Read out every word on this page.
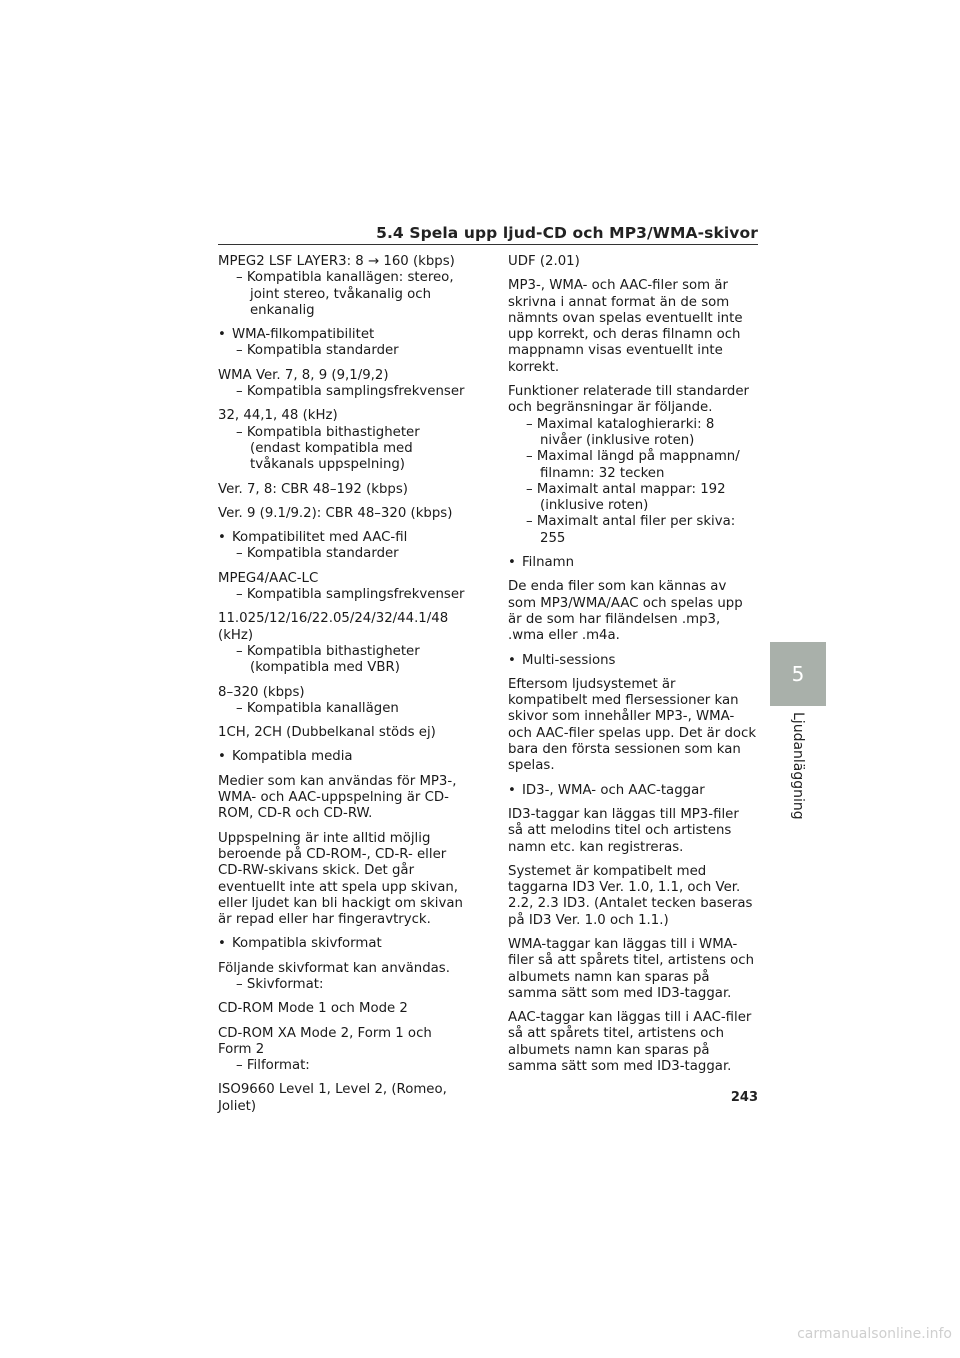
5.4 Spela upp ljud-CD och MP3/WMA-skivor
MPEG2 LSF LAYER3: 8 → 160 (kbps)
– Kompatibla kanallägen: stereo, joint stereo, tvåkanalig och enkanalig
• WMA-filkompatibilitet
– Kompatibla standarder
WMA Ver. 7, 8, 9 (9,1/9,2)
– Kompatibla samplingsfrekvenser
32, 44,1, 48 (kHz)
– Kompatibla bithastigheter (endast kompatibla med tvåkanals uppspelning)
Ver. 7, 8: CBR 48–192 (kbps)
Ver. 9 (9.1/9.2): CBR 48–320 (kbps)
• Kompatibilitet med AAC-fil
– Kompatibla standarder
MPEG4/AAC-LC
– Kompatibla samplingsfrekvenser
11.025/12/16/22.05/24/32/44.1/48 (kHz)
– Kompatibla bithastigheter (kompatibla med VBR)
8–320 (kbps)
– Kompatibla kanallägen
1CH, 2CH (Dubbelkanal stöds ej)
• Kompatibla media
Medier som kan användas för MP3-, WMA- och AAC-uppspelning är CD-ROM, CD-R och CD-RW.
Uppspelning är inte alltid möjlig beroende på CD-ROM-, CD-R- eller CD-RW-skivans skick. Det går eventuellt inte att spela upp skivan, eller ljudet kan bli hackigt om skivan är repad eller har fingeravtryck.
• Kompatibla skivformat
Följande skivformat kan användas.
– Skivformat:
CD-ROM Mode 1 och Mode 2
CD-ROM XA Mode 2, Form 1 och Form 2
– Filformat:
ISO9660 Level 1, Level 2, (Romeo, Joliet)
UDF (2.01)
MP3-, WMA- och AAC-filer som är skrivna i annat format än de som nämnts ovan spelas eventuellt inte upp korrekt, och deras filnamn och mappnamn visas eventuellt inte korrekt.
Funktioner relaterade till standarder och begränsningar är följande.
– Maximal kataloghierarki: 8 nivåer (inklusive roten)
– Maximal längd på mappnamn/ filnamn: 32 tecken
– Maximalt antal mappar: 192 (inklusive roten)
– Maximalt antal filer per skiva: 255
• Filnamn
De enda filer som kan kännas av som MP3/WMA/AAC och spelas upp är de som har filändelsen .mp3, .wma eller .m4a.
• Multi-sessions
Eftersom ljudsystemet är kompatibelt med flersessioner kan skivor som innehåller MP3-, WMA- och AAC-filer spelas upp. Det är dock bara den första sessionen som kan spelas.
• ID3-, WMA- och AAC-taggar
ID3-taggar kan läggas till MP3-filer så att melodins titel och artistens namn etc. kan registreras.
Systemet är kompatibelt med taggarna ID3 Ver. 1.0, 1.1, och Ver. 2.2, 2.3 ID3. (Antalet tecken baseras på ID3 Ver. 1.0 och 1.1.)
WMA-taggar kan läggas till i WMA-filer så att spårets titel, artistens och albumets namn kan sparas på samma sätt som med ID3-taggar.
AAC-taggar kan läggas till i AAC-filer så att spårets titel, artistens och albumets namn kan sparas på samma sätt som med ID3-taggar.
5
Ljudanläggning
243
carmanualsonline.info
